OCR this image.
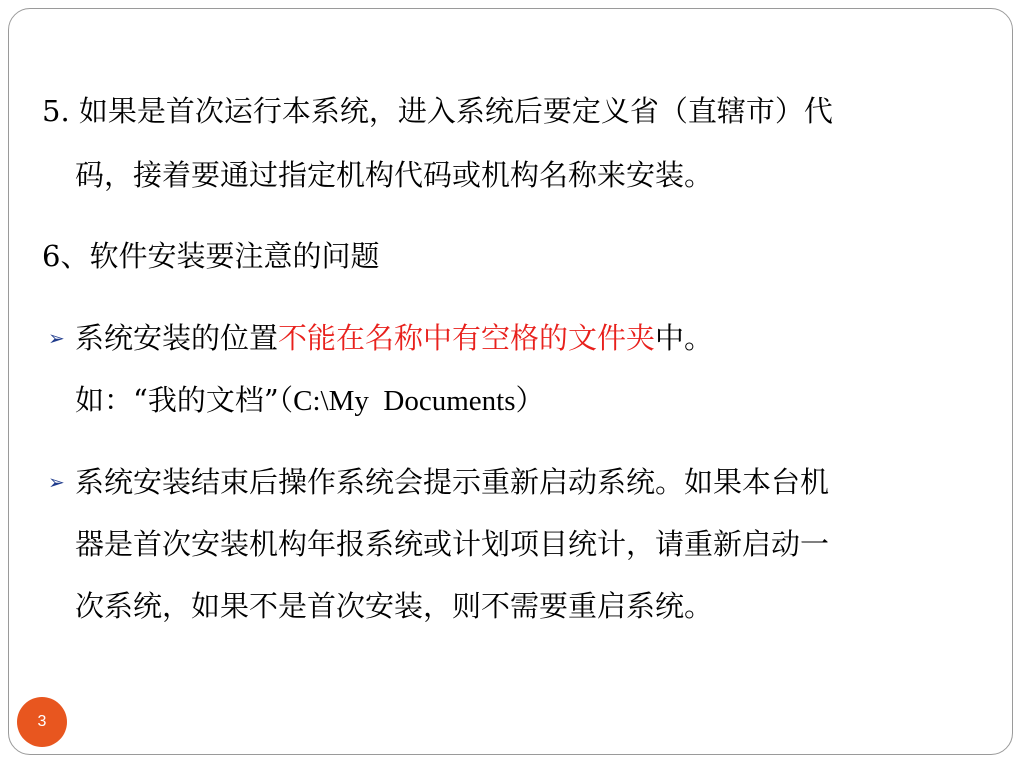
5. 如果是首次运行本系统，进入系统后要定义省（直辖市）代
码，接着要通过指定机构代码或机构名称来安装。
6、软件安装要注意的问题
➢ 系统安装的位置不能在名称中有空格的文件夹中。
如：“我的文档”（C:\My  Documents）
➢ 系统安装结束后操作系统会提示重新启动系统。如果本台机
器是首次安装机构年报系统或计划项目统计，请重新启动一
次系统，如果不是首次安装，则不需要重启系统。
3
